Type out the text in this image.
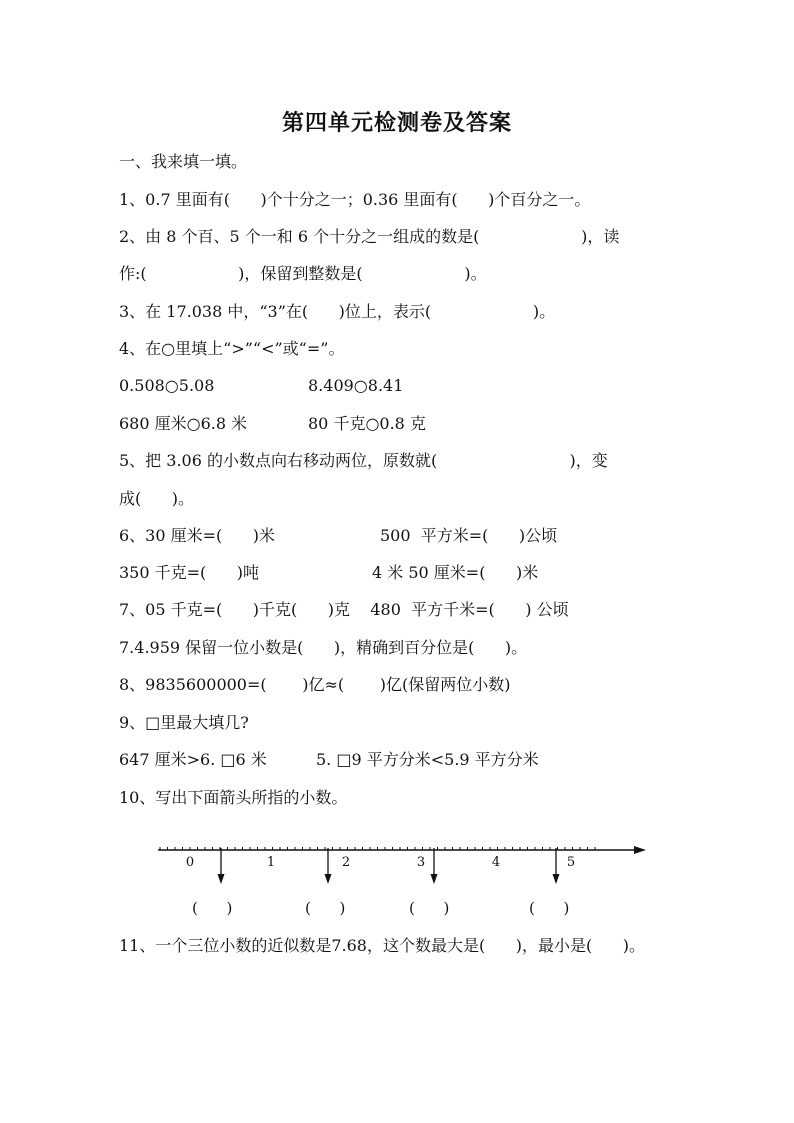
第四单元检测卷及答案
一、我来填一填。
1、0.7 里面有(      )个十分之一；0.36 里面有(      )个百分之一。
2、由 8 个百、5 个一和 6 个十分之一组成的数是(                    )，读
作:(                  )，保留到整数是(                    )。
3、在 17.038 中，“3”在(      )位上，表示(                    )。
4、在○里填上“>”“<”或“=”。
0.508○5.08	8.409○8.41
680 厘米○6.8 米	80 千克○0.8 克
5、把 3.06 的小数点向右移动两位，原数就(                          )，变
成(      )。
6、30 厘米=(      )米	500  平方米=(      )公顷
350 千克=(      )吨	4 米 50 厘米=(      )米
7、05 千克=(      )千克(      )克    480  平方千米=(      ) 公顷
7.4.959 保留一位小数是(      )，精确到百分位是(      )。
8、9835600000=(       )亿≈(       )亿(保留两位小数)
9、□里最大填几?
647 厘米>6. □6 米	5. □9 平方分米<5.9 平方分米
10、写出下面箭头所指的小数。
0	1	2	3	4	5
(      )	(      )	(      )	(      )
11、一个三位小数的近似数是7.68，这个数最大是(      )，最小是(      )。
